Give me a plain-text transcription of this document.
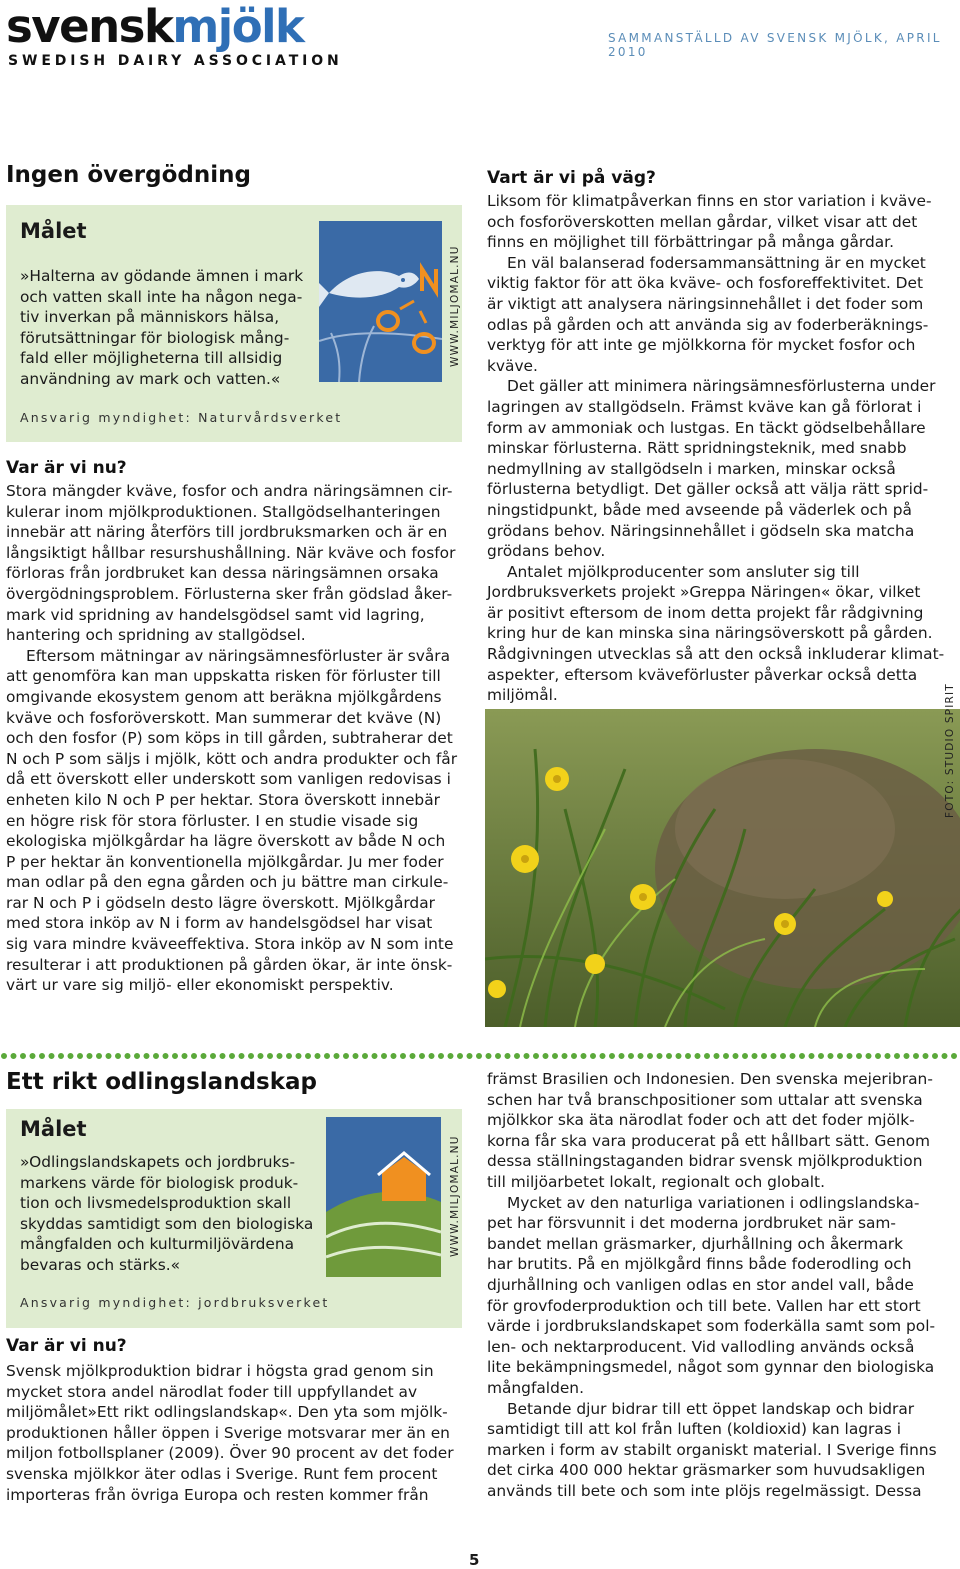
svenskmjölk
SWEDISH DAIRY ASSOCIATION
SAMMANSTÄLLD AV SVENSK MJÖLK, APRIL 2010
Ingen övergödning
Målet
»Halterna av gödande ämnen i mark
och vatten skall inte ha någon nega-
tiv inverkan på människors hälsa,
förutsättningar för biologisk mång-
fald eller möjligheterna till allsidig
användning av mark och vatten.«
Ansvarig myndighet: Naturvårdsverket
WWW.MILJOMAL.NU
Var är vi nu?
Stora mängder kväve, fosfor och andra näringsämnen cir-
kulerar inom mjölkproduktionen. Stallgödselhanteringen
innebär att näring återförs till jordbruksmarken och är en
långsiktigt hållbar resurshushållning. När kväve och fosfor
förloras från jordbruket kan dessa näringsämnen orsaka
övergödningsproblem. Förlusterna sker från gödslad åker-
mark vid spridning av handelsgödsel samt vid lagring,
hantering och spridning av stallgödsel.
Eftersom mätningar av näringsämnesförluster är svåra
att genomföra kan man uppskatta risken för förluster till
omgivande ekosystem genom att beräkna mjölkgårdens
kväve och fosforöverskott. Man summerar det kväve (N)
och den fosfor (P) som köps in till gården, subtraherar det
N och P som säljs i mjölk, kött och andra produkter och får
då ett överskott eller underskott som vanligen redovisas i
enheten kilo N och P per hektar. Stora överskott innebär
en högre risk för stora förluster. I en studie visade sig
ekologiska mjölkgårdar ha lägre överskott av både N och
P per hektar än konventionella mjölkgårdar. Ju mer foder
man odlar på den egna gården och ju bättre man cirkule-
rar N och P i gödseln desto lägre överskott. Mjölkgårdar
med stora inköp av N i form av handelsgödsel har visat
sig vara mindre kväveeffektiva. Stora inköp av N som inte
resulterar i att produktionen på gården ökar, är inte önsk-
värt ur vare sig miljö- eller ekonomiskt perspektiv.
Vart är vi på väg?
Liksom för klimatpåverkan finns en stor variation i kväve-
och fosforöverskotten mellan gårdar, vilket visar att det
finns en möjlighet till förbättringar på många gårdar.
En väl balanserad fodersammansättning är en mycket
viktig faktor för att öka kväve- och fosforeffektivitet. Det
är viktigt att analysera näringsinnehållet i det foder som
odlas på gården och att använda sig av foderberäknings-
verktyg för att inte ge mjölkkorna för mycket fosfor och
kväve.
Det gäller att minimera näringsämnesförlusterna under
lagringen av stallgödseln. Främst kväve kan gå förlorat i
form av ammoniak och lustgas. En täckt gödselbehållare
minskar förlusterna. Rätt spridningsteknik, med snabb
nedmyllning av stallgödseln i marken, minskar också
förlusterna betydligt. Det gäller också att välja rätt sprid-
ningstidpunkt, både med avseende på väderlek och på
grödans behov. Näringsinnehållet i gödseln ska matcha
grödans behov.
Antalet mjölkproducenter som ansluter sig till
Jordbruksverkets projekt »Greppa Näringen« ökar, vilket
är positivt eftersom de inom detta projekt får rådgivning
kring hur de kan minska sina näringsöverskott på gården.
Rådgivningen utvecklas så att den också inkluderar klimat-
aspekter, eftersom kväveförluster påverkar också detta
miljömål.	FOTO: STUDIO SPIRIT
Ett rikt odlingslandskap
Målet
»Odlingslandskapets och jordbruks-
markens värde för biologisk produk-
tion och livsmedelsproduktion skall
skyddas samtidigt som den biologiska
mångfalden och kulturmiljövärdena
bevaras och stärks.«
Ansvarig myndighet: jordbruksverket
WWW.MILJOMAL.NU
Var är vi nu?
Svensk mjölkproduktion bidrar i högsta grad genom sin
mycket stora andel närodlat foder till uppfyllandet av
miljömålet»Ett rikt odlingslandskap«. Den yta som mjölk-
produktionen håller öppen i Sverige motsvarar mer än en
miljon fotbollsplaner (2009). Över 90 procent av det foder
svenska mjölkkor äter odlas i Sverige. Runt fem procent
importeras från övriga Europa och resten kommer från
främst Brasilien och Indonesien. Den svenska mejeribran-
schen har två branschpositioner som uttalar att svenska
mjölkkor ska äta närodlat foder och att det foder mjölk-
korna får ska vara producerat på ett hållbart sätt. Genom
dessa ställningstaganden bidrar svensk mjölkproduktion
till miljöarbetet lokalt, regionalt och globalt.
Mycket av den naturliga variationen i odlingslandska-
pet har försvunnit i det moderna jordbruket när sam-
bandet mellan gräsmarker, djurhållning och åkermark
har brutits. På en mjölkgård finns både foderodling och
djurhållning och vanligen odlas en stor andel vall, både
för grovfoderproduktion och till bete. Vallen har ett stort
värde i jordbrukslandskapet som foderkälla samt som pol-
len- och nektarproducent. Vid vallodling används också
lite bekämpningsmedel, något som gynnar den biologiska
mångfalden.
Betande djur bidrar till ett öppet landskap och bidrar
samtidigt till att kol från luften (koldioxid) kan lagras i
marken i form av stabilt organiskt material. I Sverige finns
det cirka 400 000 hektar gräsmarker som huvudsakligen
används till bete och som inte plöjs regelmässigt. Dessa
5
